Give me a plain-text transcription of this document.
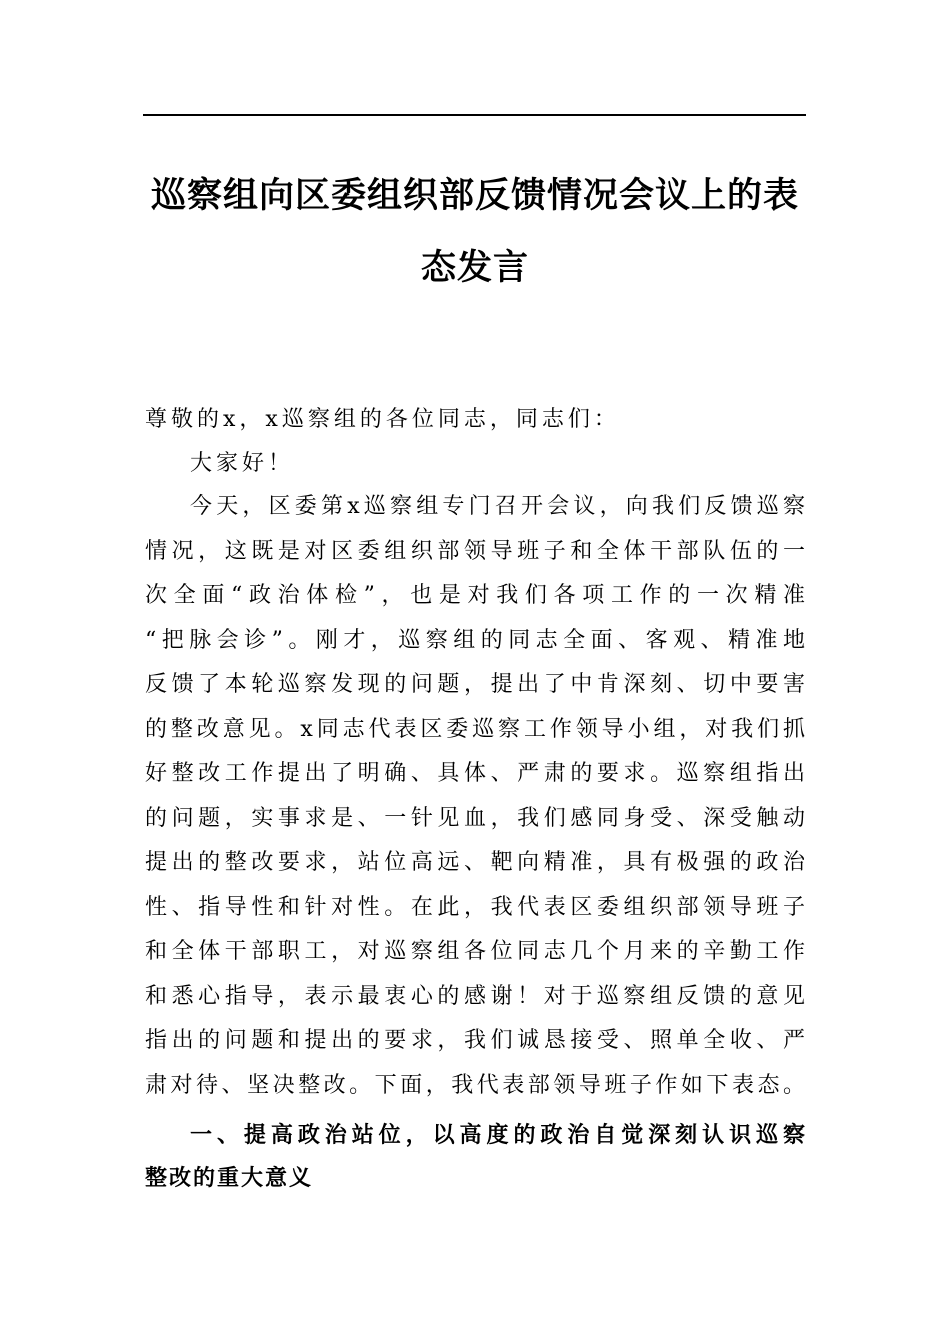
巡察组向区委组织部反馈情况会议上的表
态发言
尊敬的x，x巡察组的各位同志，同志们：
大家好！
今天，区委第x巡察组专门召开会议，向我们反馈巡察
情况，这既是对区委组织部领导班子和全体干部队伍的一
次全面“政治体检”，也是对我们各项工作的一次精准
“把脉会诊”。刚才，巡察组的同志全面、客观、精准地
反馈了本轮巡察发现的问题，提出了中肯深刻、切中要害
的整改意见。x同志代表区委巡察工作领导小组，对我们抓
好整改工作提出了明确、具体、严肃的要求。巡察组指出
的问题，实事求是、一针见血，我们感同身受、深受触动
提出的整改要求，站位高远、靶向精准，具有极强的政治
性、指导性和针对性。在此，我代表区委组织部领导班子
和全体干部职工，对巡察组各位同志几个月来的辛勤工作
和悉心指导，表示最衷心的感谢！对于巡察组反馈的意见
指出的问题和提出的要求，我们诚恳接受、照单全收、严
肃对待、坚决整改。下面，我代表部领导班子作如下表态。
一、提高政治站位，以高度的政治自觉深刻认识巡察
整改的重大意义
